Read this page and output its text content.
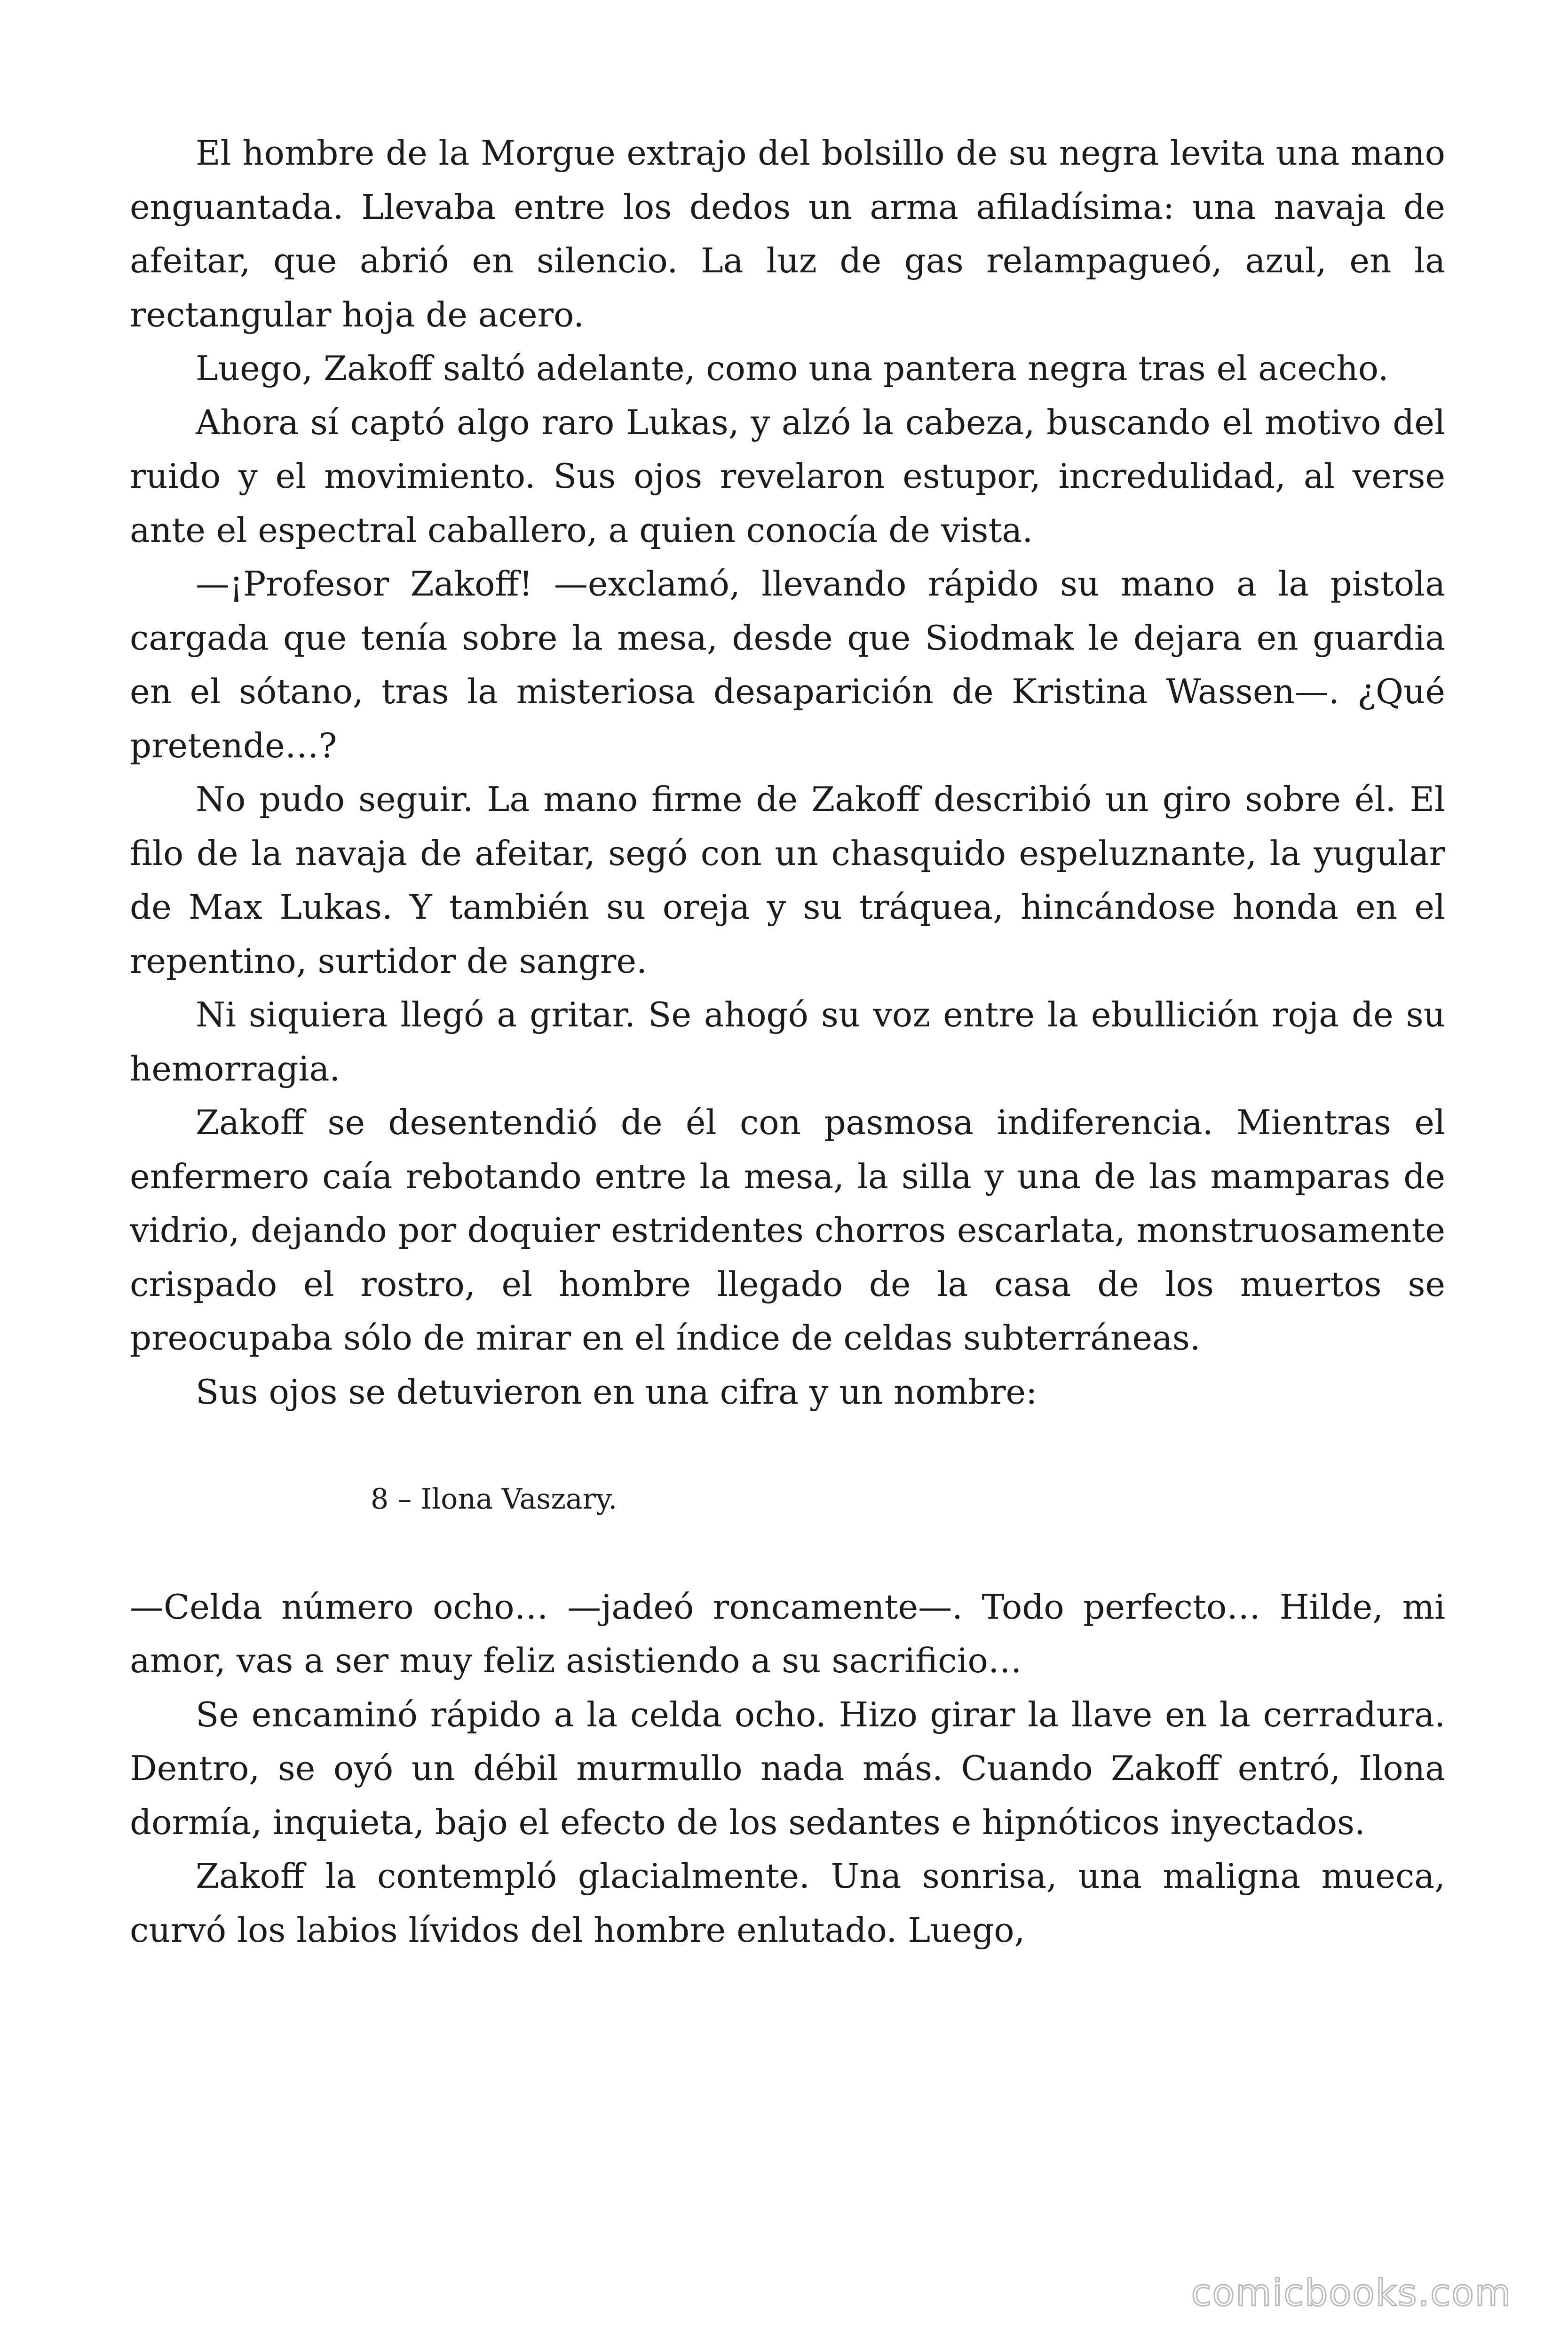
El hombre de la Morgue extrajo del bolsillo de su negra levita una mano enguantada. Llevaba entre los dedos un arma afiladísima: una navaja de afeitar, que abrió en silencio. La luz de gas relampagueó, azul, en la rectangular hoja de acero.

Luego, Zakoff saltó adelante, como una pantera negra tras el acecho.

Ahora sí captó algo raro Lukas, y alzó la cabeza, buscando el motivo del ruido y el movimiento. Sus ojos revelaron estupor, incredulidad, al verse ante el espectral caballero, a quien conocía de vista.

—¡Profesor Zakoff! —exclamó, llevando rápido su mano a la pistola cargada que tenía sobre la mesa, desde que Siodmak le dejara en guardia en el sótano, tras la misteriosa desaparición de Kristina Wassen—. ¿Qué pretende…?

No pudo seguir. La mano firme de Zakoff describió un giro sobre él. El filo de la navaja de afeitar, segó con un chasquido espeluznante, la yugular de Max Lukas. Y también su oreja y su tráquea, hincándose honda en el repentino, surtidor de sangre.

Ni siquiera llegó a gritar. Se ahogó su voz entre la ebullición roja de su hemorragia.

Zakoff se desentendió de él con pasmosa indiferencia. Mientras el enfermero caía rebotando entre la mesa, la silla y una de las mamparas de vidrio, dejando por doquier estridentes chorros escarlata, monstruosamente crispado el rostro, el hombre llegado de la casa de los muertos se preocupaba sólo de mirar en el índice de celdas subterráneas.

Sus ojos se detuvieron en una cifra y un nombre:

8 – Ilona Vaszary.

—Celda número ocho… —jadeó roncamente—. Todo perfecto… Hilde, mi amor, vas a ser muy feliz asistiendo a su sacrificio…

Se encaminó rápido a la celda ocho. Hizo girar la llave en la cerradura. Dentro, se oyó un débil murmullo nada más. Cuando Zakoff entró, Ilona dormía, inquieta, bajo el efecto de los sedantes e hipnóticos inyectados.

Zakoff la contempló glacialmente. Una sonrisa, una maligna mueca, curvó los labios lívidos del hombre enlutado. Luego,

comicbooks.com
